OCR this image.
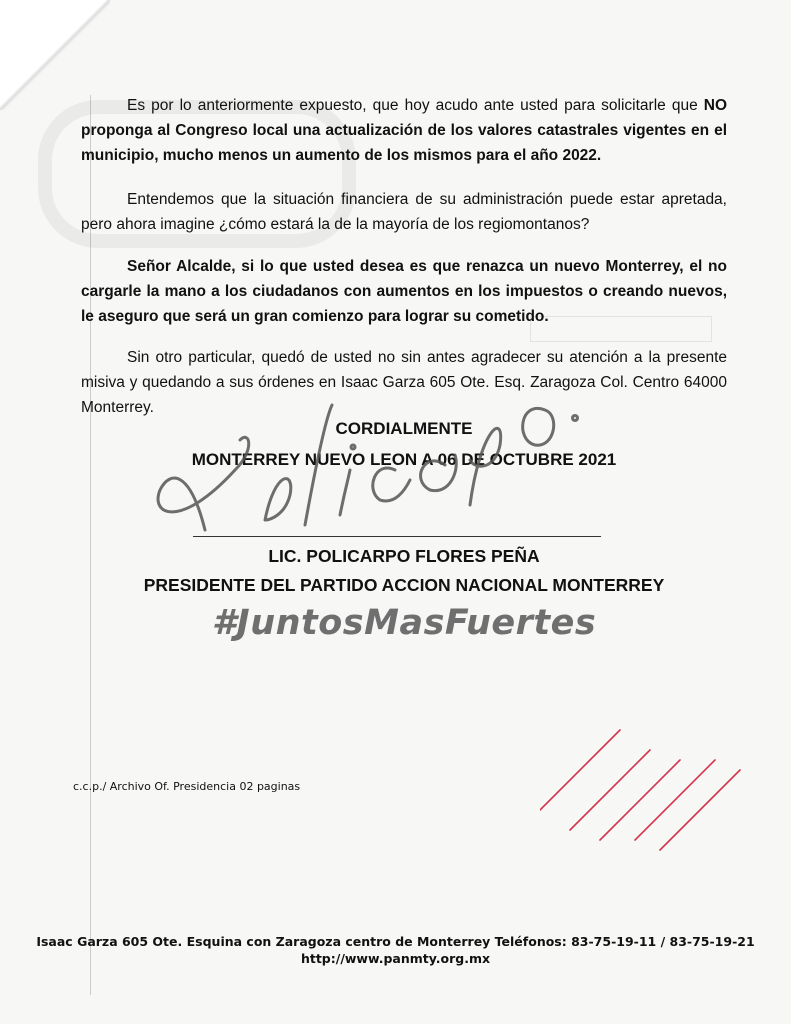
Es por lo anteriormente expuesto, que hoy acudo ante usted para solicitarle que NO proponga al Congreso local una actualización de los valores catastrales vigentes en el municipio, mucho menos un aumento de los mismos para el año 2022.

Entendemos que la situación financiera de su administración puede estar apretada, pero ahora imagine ¿cómo estará la de la mayoría de los regiomontanos?

Señor Alcalde, si lo que usted desea es que renazca un nuevo Monterrey, el no cargarle la mano a los ciudadanos con aumentos en los impuestos o creando nuevos, le aseguro que será un gran comienzo para lograr su cometido.

Sin otro particular, quedó de usted no sin antes agradecer su atención a la presente misiva y quedando a sus órdenes en Isaac Garza 605 Ote. Esq. Zaragoza Col. Centro 64000 Monterrey.

CORDIALMENTE

MONTERREY NUEVO LEON A 06 DE OCTUBRE 2021

LIC. POLICARPO FLORES PEÑA

PRESIDENTE DEL PARTIDO ACCION NACIONAL MONTERREY

#JuntosMasFuertes
c.c.p./ Archivo Of. Presidencia 02 paginas
Isaac Garza 605 Ote. Esquina con Zaragoza centro de Monterrey Teléfonos: 83-75-19-11 / 83-75-19-21
http://www.panmty.org.mx
